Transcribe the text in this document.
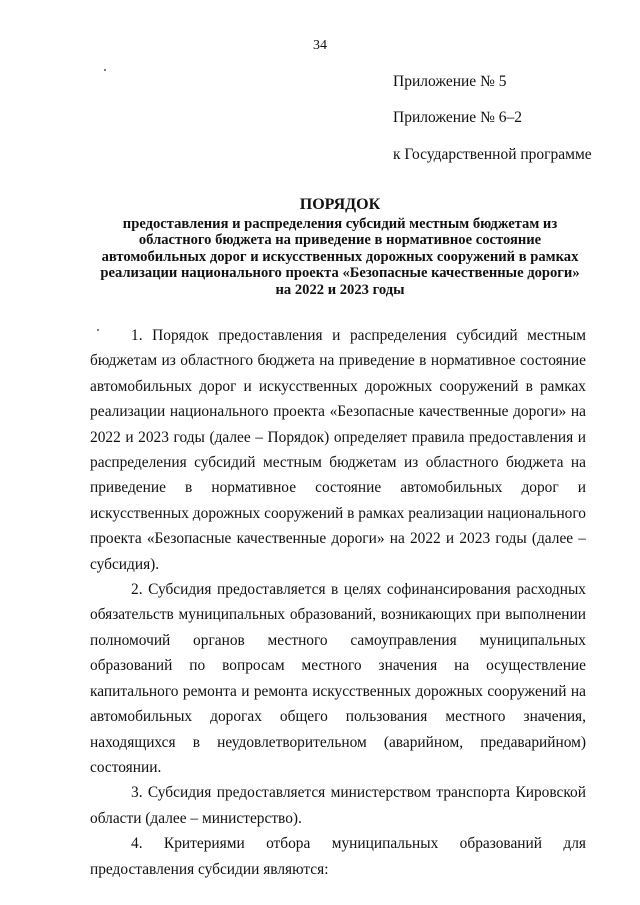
34
Приложение № 5
Приложение № 6–2
к Государственной программе
ПОРЯДОК
предоставления и распределения субсидий местным бюджетам из
областного бюджета на приведение в нормативное состояние
автомобильных дорог и искусственных дорожных сооружений в рамках
реализации национального проекта «Безопасные качественные дороги»
на 2022 и 2023 годы

1. Порядок предоставления и распределения субсидий местным бюджетам из областного бюджета на приведение в нормативное состояние автомобильных дорог и искусственных дорожных сооружений в рамках реализации национального проекта «Безопасные качественные дороги» на 2022 и 2023 годы (далее – Порядок) определяет правила предоставления и распределения субсидий местным бюджетам из областного бюджета на приведение в нормативное состояние автомобильных дорог и искусственных дорожных сооружений в рамках реализации национального проекта «Безопасные качественные дороги» на 2022 и 2023 годы (далее – субсидия).

2. Субсидия предоставляется в целях софинансирования расходных обязательств муниципальных образований, возникающих при выполнении полномочий органов местного самоуправления муниципальных образований по вопросам местного значения на осуществление капитального ремонта и ремонта искусственных дорожных сооружений на автомобильных дорогах общего пользования местного значения, находящихся в неудовлетворительном (аварийном, предаварийном) состоянии.

3. Субсидия предоставляется министерством транспорта Кировской области (далее – министерство).

4. Критериями отбора муниципальных образований для предоставления субсидии являются:
